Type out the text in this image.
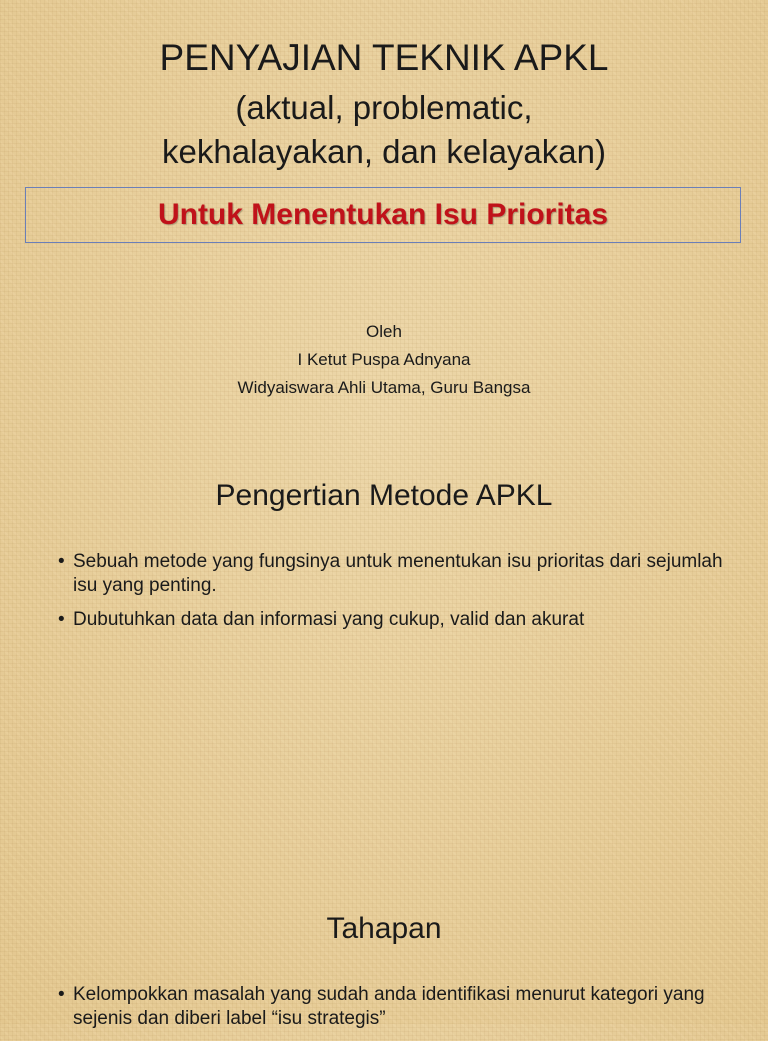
PENYAJIAN TEKNIK APKL
(aktual, problematic,
kekhalayakan, dan kelayakan)
Untuk Menentukan Isu Prioritas
Oleh
I Ketut Puspa Adnyana
Widyaiswara Ahli Utama, Guru Bangsa
Pengertian Metode APKL
• Sebuah metode yang fungsinya untuk menentukan isu prioritas dari sejumlah isu yang penting.
• Dubutuhkan data dan informasi yang cukup, valid dan akurat
Tahapan
• Kelompokkan masalah yang sudah anda identifikasi menurut kategori yang sejenis dan diberi label “isu strategis”
